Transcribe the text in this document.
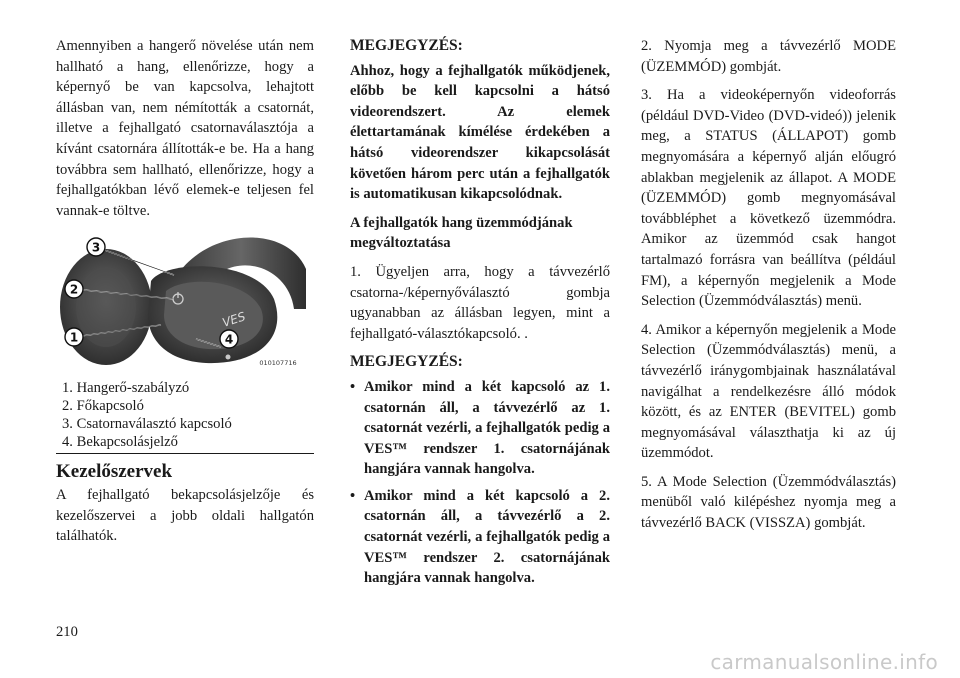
Amennyiben a hangerő növelése után nem hallható a hang, ellenőrizze, hogy a képernyő be van kapcsolva, lehajtott állásban van, nem némították a csatornát, illetve a fejhallgató csatornaválasztója a kívánt csatornára állították-e be. Ha a hang továbbra sem hallható, ellenőrizze, hogy a fejhallgatókban lévő elemek-e teljesen fel vannak-e töltve.

VES
3
2
1	4
010107716
1. Hangerő-szabályzó
2. Főkapcsoló
3. Csatornaválasztó kapcsoló
4. Bekapcsolásjelző
Kezelőszervek

A fejhallgató bekapcsolásjelzője és kezelőszervei a jobb oldali hallgatón találhatók.

MEGJEGYZÉS:

Ahhoz, hogy a fejhallgatók működjenek, előbb be kell kapcsolni a hátsó videorendszert. Az elemek élettartamának kímélése érdekében a hátsó videorendszer kikapcsolását követően három perc után a fejhallgatók is automatikusan kikapcsolódnak.

A fejhallgatók hang üzemmódjának megváltoztatása

1. Ügyeljen arra, hogy a távvezérlő csatorna-/képernyőválasztó gombja ugyanabban az állásban legyen, mint a fejhallgató-választókapcsoló. .

MEGJEGYZÉS:
• Amikor mind a két kapcsoló az 1. csatornán áll, a távvezérlő az 1. csatornát vezérli, a fejhallgatók pedig a VES™ rendszer 1. csatornájának hangjára vannak hangolva.
• Amikor mind a két kapcsoló a 2. csatornán áll, a távvezérlő a 2. csatornát vezérli, a fejhallgatók pedig a VES™ rendszer 2. csatornájának hangjára vannak hangolva.

2. Nyomja meg a távvezérlő MODE (ÜZEMMÓD) gombját.

3. Ha a videoképernyőn videoforrás (például DVD-Video (DVD-videó)) jelenik meg, a STATUS (ÁLLAPOT) gomb megnyomására a képernyő alján előugró ablakban megjelenik az állapot. A MODE (ÜZEMMÓD) gomb megnyomásával továbbléphet a következő üzemmódra. Amikor az üzemmód csak hangot tartalmazó forrásra van beállítva (például FM), a képernyőn megjelenik a Mode Selection (Üzemmódválasztás) menü.

4. Amikor a képernyőn megjelenik a Mode Selection (Üzemmódválasztás) menü, a távvezérlő iránygombjainak használatával navigálhat a rendelkezésre álló módok között, és az ENTER (BEVITEL) gomb megnyomásával választhatja ki az új üzemmódot.

5. A Mode Selection (Üzemmódválasztás) menüből való kilépéshez nyomja meg a távvezérlő BACK (VISSZA) gombját.

210
carmanualsonline.info
